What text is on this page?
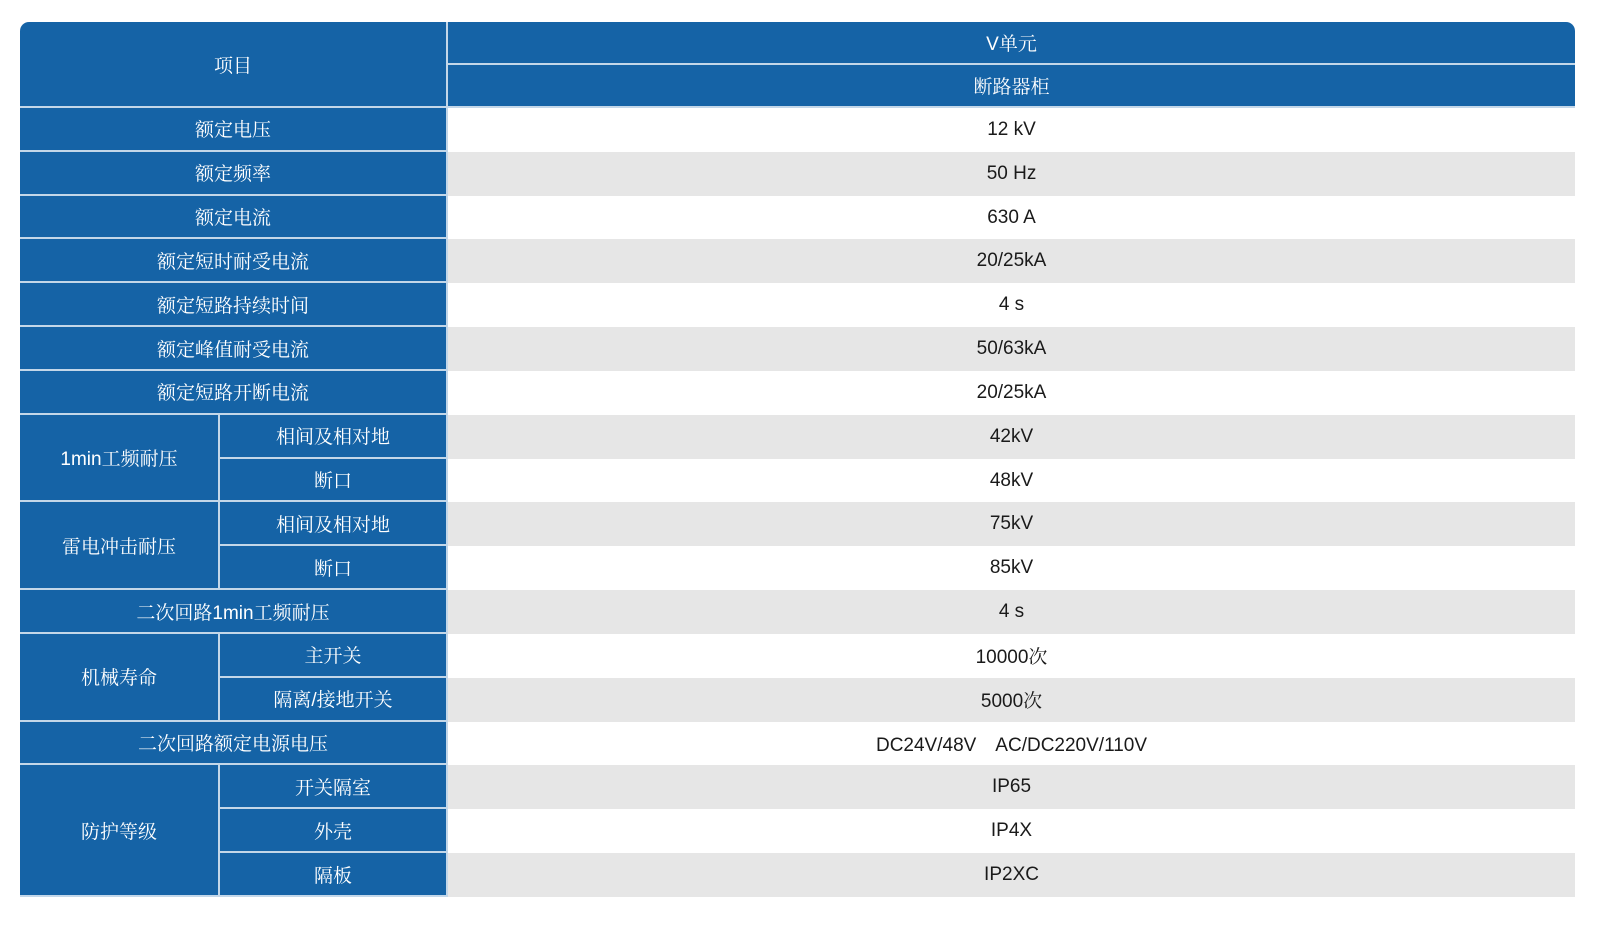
项目		V单元
		断路器柜
额定电压		12 kV
额定频率		50 Hz
额定电流		630 A
额定短时耐受电流		20/25kA
额定短路持续时间		4 s
额定峰值耐受电流		50/63kA
额定短路开断电流		20/25kA
1min工频耐压	相间及相对地	42kV
	断口	48kV
雷电冲击耐压	相间及相对地	75kV
	断口	85kV
二次回路1min工频耐压		4 s
机械寿命	主开关	10000次
	隔离/接地开关	5000次
二次回路额定电源电压		DC24V/48V　AC/DC220V/110V
防护等级	开关隔室	IP65
	外壳	IP4X
	隔板	IP2XC
